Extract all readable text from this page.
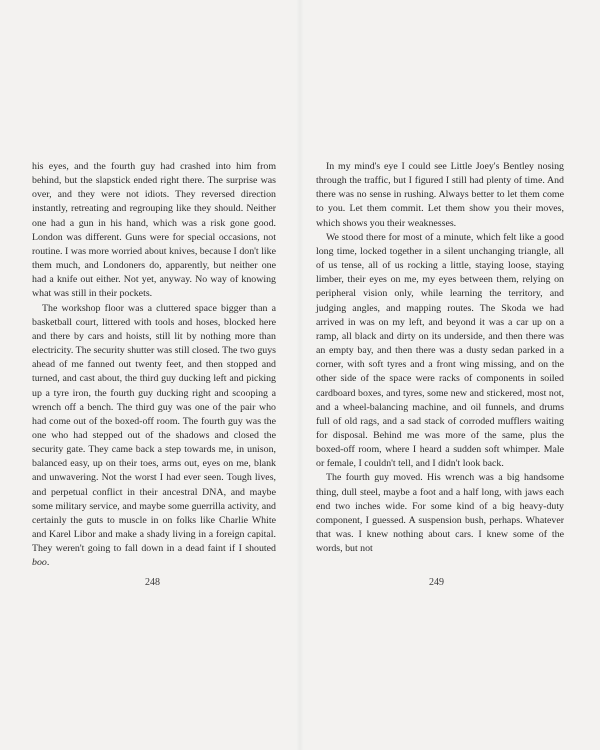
his eyes, and the fourth guy had crashed into him from behind, but the slapstick ended right there. The surprise was over, and they were not idiots. They reversed direction instantly, retreating and regrouping like they should. Neither one had a gun in his hand, which was a risk gone good. London was different. Guns were for special occasions, not routine. I was more worried about knives, because I don't like them much, and Londoners do, apparently, but neither one had a knife out either. Not yet, anyway. No way of knowing what was still in their pockets.

The workshop floor was a cluttered space bigger than a basketball court, littered with tools and hoses, blocked here and there by cars and hoists, still lit by nothing more than electricity. The security shutter was still closed. The two guys ahead of me fanned out twenty feet, and then stopped and turned, and cast about, the third guy ducking left and picking up a tyre iron, the fourth guy ducking right and scooping a wrench off a bench. The third guy was one of the pair who had come out of the boxed-off room. The fourth guy was the one who had stepped out of the shadows and closed the security gate. They came back a step towards me, in unison, balanced easy, up on their toes, arms out, eyes on me, blank and unwavering. Not the worst I had ever seen. Tough lives, and perpetual conflict in their ancestral DNA, and maybe some military service, and maybe some guerrilla activity, and certainly the guts to muscle in on folks like Charlie White and Karel Libor and make a shady living in a foreign capital. They weren't going to fall down in a dead faint if I shouted boo.

In my mind's eye I could see Little Joey's Bentley nosing through the traffic, but I figured I still had plenty of time. And there was no sense in rushing. Always better to let them come to you. Let them commit. Let them show you their moves, which shows you their weaknesses.

We stood there for most of a minute, which felt like a good long time, locked together in a silent unchanging triangle, all of us tense, all of us rocking a little, staying loose, staying limber, their eyes on me, my eyes between them, relying on peripheral vision only, while learning the territory, and judging angles, and mapping routes. The Skoda we had arrived in was on my left, and beyond it was a car up on a ramp, all black and dirty on its underside, and then there was an empty bay, and then there was a dusty sedan parked in a corner, with soft tyres and a front wing missing, and on the other side of the space were racks of components in soiled cardboard boxes, and tyres, some new and stickered, most not, and a wheel-balancing machine, and oil funnels, and drums full of old rags, and a sad stack of corroded mufflers waiting for disposal. Behind me was more of the same, plus the boxed-off room, where I heard a sudden soft whimper. Male or female, I couldn't tell, and I didn't look back.

The fourth guy moved. His wrench was a big handsome thing, dull steel, maybe a foot and a half long, with jaws each end two inches wide. For some kind of a big heavy-duty component, I guessed. A suspension bush, perhaps. Whatever that was. I knew nothing about cars. I knew some of the words, but not

248	249
